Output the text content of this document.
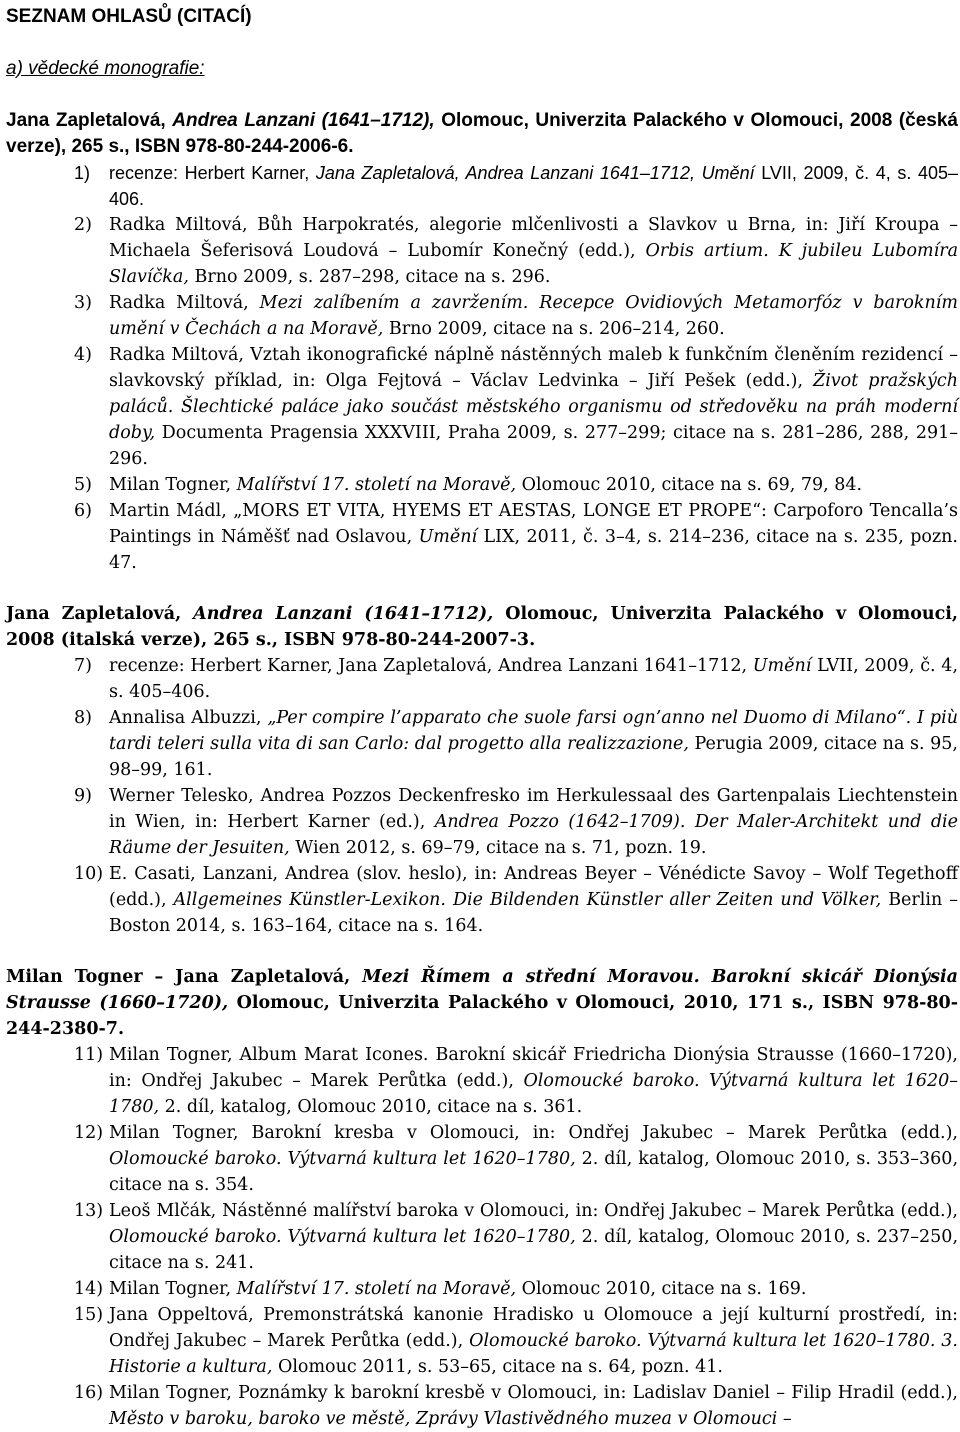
SEZNAM OHLASŮ (CITACÍ)
a) vědecké monografie:
Jana Zapletalová, Andrea Lanzani (1641–1712), Olomouc, Univerzita Palackého v Olomouci, 2008 (česká verze), 265 s., ISBN 978-80-244-2006-6.
1) recenze: Herbert Karner, Jana Zapletalová, Andrea Lanzani 1641–1712, Umění LVII, 2009, č. 4, s. 405–406.
2) Radka Miltová, Bůh Harpokratés, alegorie mlčenlivosti a Slavkov u Brna, in: Jiří Kroupa – Michaela Šeferisová Loudová – Lubomír Konečný (edd.), Orbis artium. K jubileu Lubomíra Slavíčka, Brno 2009, s. 287–298, citace na s. 296.
3) Radka Miltová, Mezi zalíbením a zavržením. Recepce Ovidiových Metamorfóz v barokním umění v Čechách a na Moravě, Brno 2009, citace na s. 206–214, 260.
4) Radka Miltová, Vztah ikonografické náplně nástěnných maleb k funkčním členěním rezidencí – slavkovský příklad, in: Olga Fejtová – Václav Ledvinka – Jiří Pešek (edd.), Život pražských paláců. Šlechtické paláce jako součást městského organismu od středověku na práh moderní doby, Documenta Pragensia XXXVIII, Praha 2009, s. 277–299; citace na s. 281–286, 288, 291–296.
5) Milan Togner, Malířství 17. století na Moravě, Olomouc 2010, citace na s. 69, 79, 84.
6) Martin Mádl, „MORS ET VITA, HYEMS ET AESTAS, LONGE ET PROPE“: Carpoforo Tencalla’s Paintings in Náměšť nad Oslavou, Umění LIX, 2011, č. 3–4, s. 214–236, citace na s. 235, pozn. 47.
Jana Zapletalová, Andrea Lanzani (1641–1712), Olomouc, Univerzita Palackého v Olomouci, 2008 (italská verze), 265 s., ISBN 978-80-244-2007-3.
7) recenze: Herbert Karner, Jana Zapletalová, Andrea Lanzani 1641–1712, Umění LVII, 2009, č. 4, s. 405–406.
8) Annalisa Albuzzi, „Per compire l’apparato che suole farsi ogn’anno nel Duomo di Milano“. I più tardi teleri sulla vita di san Carlo: dal progetto alla realizzazione, Perugia 2009, citace na s. 95, 98–99, 161.
9) Werner Telesko, Andrea Pozzos Deckenfresko im Herkulessaal des Gartenpalais Liechtenstein in Wien, in: Herbert Karner (ed.), Andrea Pozzo (1642–1709). Der Maler-Architekt und die Räume der Jesuiten, Wien 2012, s. 69–79, citace na s. 71, pozn. 19.
10) E. Casati, Lanzani, Andrea (slov. heslo), in: Andreas Beyer – Vénédicte Savoy – Wolf Tegethoff (edd.), Allgemeines Künstler-Lexikon. Die Bildenden Künstler aller Zeiten und Völker, Berlin – Boston 2014, s. 163–164, citace na s. 164.
Milan Togner – Jana Zapletalová, Mezi Římem a střední Moravou. Barokní skicář Dionýsia Strausse (1660–1720), Olomouc, Univerzita Palackého v Olomouci, 2010, 171 s., ISBN 978-80-244-2380-7.
11) Milan Togner, Album Marat Icones. Barokní skicář Friedricha Dionýsia Strausse (1660–1720), in: Ondřej Jakubec – Marek Perůtka (edd.), Olomoucké baroko. Výtvarná kultura let 1620–1780, 2. díl, katalog, Olomouc 2010, citace na s. 361.
12) Milan Togner, Barokní kresba v Olomouci, in: Ondřej Jakubec – Marek Perůtka (edd.), Olomoucké baroko. Výtvarná kultura let 1620–1780, 2. díl, katalog, Olomouc 2010, s. 353–360, citace na s. 354.
13) Leoš Mlčák, Nástěnné malířství baroka v Olomouci, in: Ondřej Jakubec – Marek Perůtka (edd.), Olomoucké baroko. Výtvarná kultura let 1620–1780, 2. díl, katalog, Olomouc 2010, s. 237–250, citace na s. 241.
14) Milan Togner, Malířství 17. století na Moravě, Olomouc 2010, citace na s. 169.
15) Jana Oppeltová, Premonstrátská kanonie Hradisko u Olomouce a její kulturní prostředí, in: Ondřej Jakubec – Marek Perůtka (edd.), Olomoucké baroko. Výtvarná kultura let 1620–1780. 3. Historie a kultura, Olomouc 2011, s. 53–65, citace na s. 64, pozn. 41.
16) Milan Togner, Poznámky k barokní kresbě v Olomouci, in: Ladislav Daniel – Filip Hradil (edd.), Město v baroku, baroko ve městě, Zprávy Vlastivědného muzea v Olomouci –
